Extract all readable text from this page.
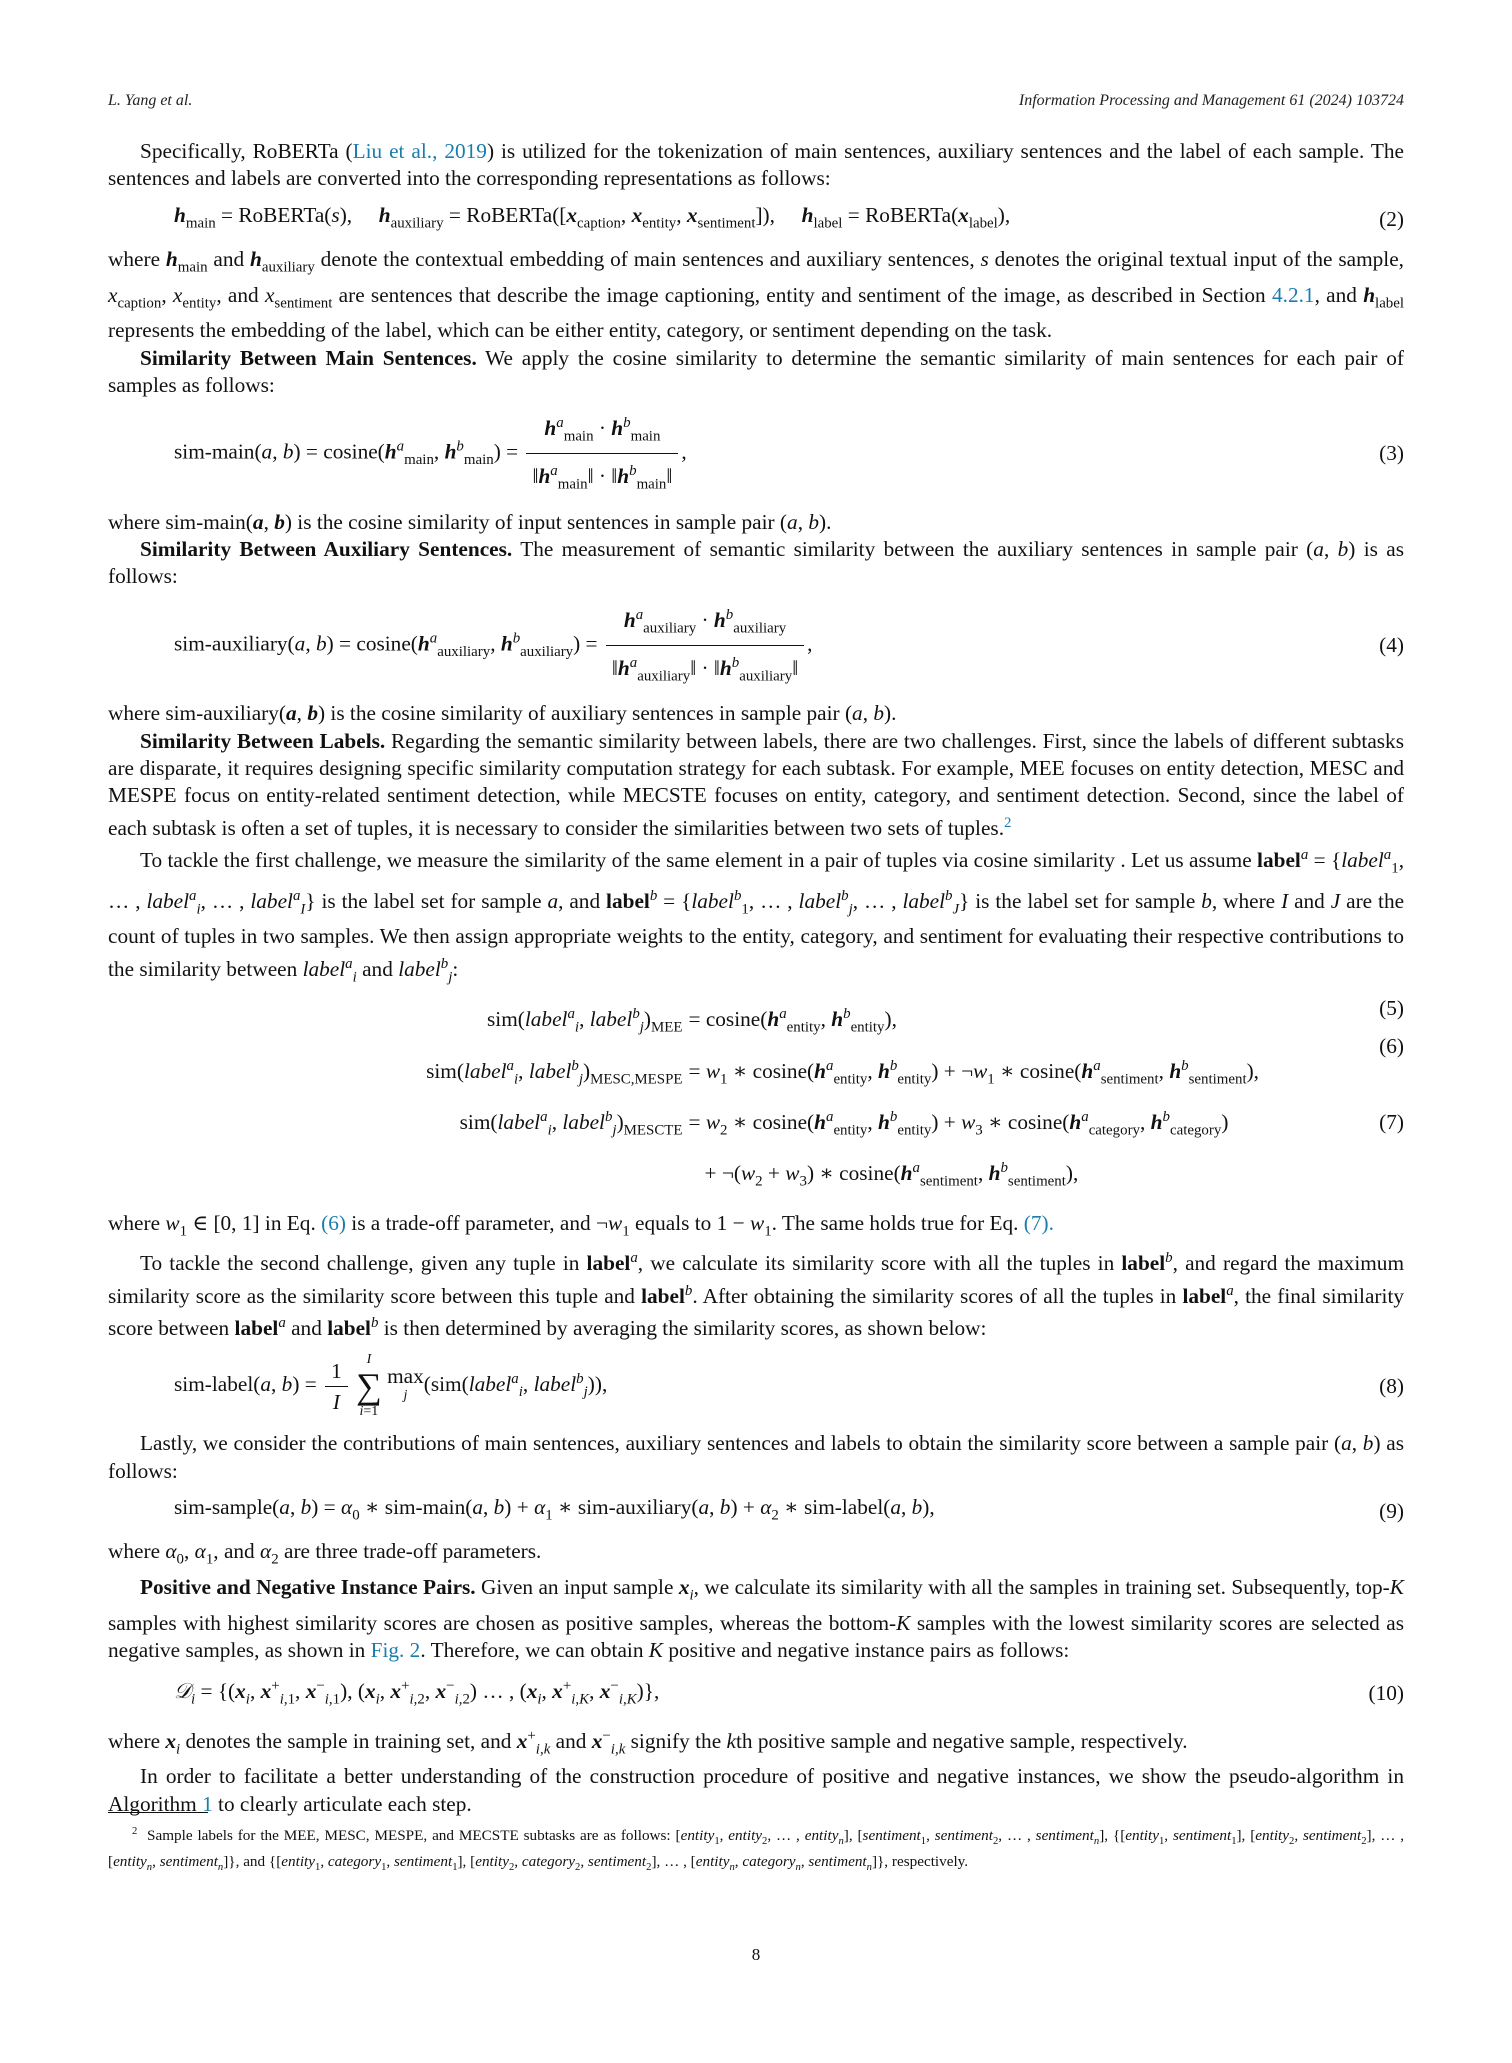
L. Yang et al.	Information Processing and Management 61 (2024) 103724

Specifically, RoBERTa (Liu et al., 2019) is utilized for the tokenization of main sentences, auxiliary sentences and the label of each sample. The sentences and labels are converted into the corresponding representations as follows:

$h_{main}$ = RoBERTa(s),     $h_{auxiliary}$ = $RoBERTa([x_{caption}$, $x_{entity}$, $x_{sentiment}$]),     $h_{label}$ = $RoBERTa(x_{label})$,	(2)

where $h_{main}$ and $h_{auxiliary}$ denote the contextual embedding of main sentences and auxiliary sentences, s denotes the original textual input of the sample, $x_{caption}$, $x_{entity}$, and $x_{sentiment}$ are sentences that describe the image captioning, entity and sentiment of the image, as described in Section 4.2.1, and $h_{label}$ represents the embedding of the label, which can be either entity, category, or sentiment depending on the task.

Similarity Between Main Sentences. We apply the cosine similarity to determine the semantic similarity of main sentences for each pair of samples as follows:

sim-main(a, $b) = cosine(h^a_{main}$, $h^b_{main}) = \frac{h^a_{main} \cdot h^b_{main}}{‖h^a_{main}‖ \cdot ‖h^b_{main}‖}$ ,	(3)

where sim-main(a, b) is the cosine similarity of input sentences in sample pair (a, b).

Similarity Between Auxiliary Sentences. The measurement of semantic similarity between the auxiliary sentences in sample pair (a, b) is as follows:

sim-auxiliary(a, $b) = cosine(h^a_{auxiliary}$, $h^b_{auxiliary}) = \frac{h^a_{auxiliary} \cdot h^b_{auxiliary}}{‖h^a_{auxiliary}‖ \cdot ‖h^b_{auxiliary}‖}$ ,	(4)

where sim-auxiliary(a, b) is the cosine similarity of auxiliary sentences in sample pair (a, b).

Similarity Between Labels. Regarding the semantic similarity between labels, there are two challenges. First, since the labels of different subtasks are disparate, it requires designing specific similarity computation strategy for each subtask. For example, MEE focuses on entity detection, MESC and MESPE focus on entity-related sentiment detection, while MECSTE focuses on entity, category, and sentiment detection. Second, since the label of each subtask is often a set of tuples, it is necessary to consider the similarities between two sets of tuples.$^2$

To tackle the first challenge, we measure the similarity of the same element in a pair of tuples via cosine similarity . Let us assume label$^a$ = {label$^a_1$, … , label$^a_i$, … , label$^a_I$} is the label set for sample a, and label$^b$ = {label$^b_1$, … , label$^b_j$, … , label$^b_J$} is the label set for sample b, where I and J are the count of tuples in two samples. We then assign appropriate weights to the entity, category, and sentiment for evaluating their respective contributions to the similarity between label$^a_i$ and label$^b_j$:

sim(label$^a_i$, $label^b_j)_{MEE} = cosine(h^a_{entity}$, $h^b_{entity}$),
sim(label$^a_i$, $label^b_j)_{MESC,MESPE} = w_1$ ∗ $cosine(h^a_{entity}$, $h^b_{entity}$) + $\neg w_1$ ∗ $cosine(h^a_{sentiment}$, $h^b_{sentiment}$),
sim(label$^a_i$, $label^b_j)_{MESCTE} = w_2$ ∗ $cosine(h^a_{entity}$, $h^b_{entity}) + w_3$ ∗ $cosine(h^a_{category}$, $h^b_{category}$)
+ $\neg(w_2 + w_3)$ ∗ $cosine(h^a_{sentiment}$, $h^b_{sentiment}$),
(5)
(6)
(7)

where $w_1$ ∈ [0, 1] in Eq. (6) is a trade-off parameter, and $\neg w_1$ equals to $1 - w_1$. The same holds true for Eq. (7).

To tackle the second challenge, given any tuple in label$^a$, we calculate its similarity score with all the tuples in label$^b$, and regard the maximum similarity score as the similarity score between this tuple and label$^b$. After obtaining the similarity scores of all the tuples in label$^a$, the final similarity score between label$^a$ and label$^b$ is then determined by averaging the similarity scores, as shown below:

sim-label(a, $b) = \frac{1}{I}$
I
∑
i=1

max
j (sim(label$^a_i$, label$^b_j$)),	(8)

Lastly, we consider the contributions of main sentences, auxiliary sentences and labels to obtain the similarity score between a sample pair (a, b) as follows:

sim-sample(a, $b) = \alpha_0$ ∗ sim-main(a, $b) + \alpha_1$ ∗ sim-auxiliary(a, $b) + \alpha_2$ ∗ sim-label(a, b),	(9)

where $\alpha_0$, $\alpha_1$, and $\alpha_2$ are three trade-off parameters.

Positive and Negative Instance Pairs. Given an input sample $x_i$, we calculate its similarity with all the samples in training set. Subsequently, top-K samples with highest similarity scores are chosen as positive samples, whereas the bottom-K samples with the lowest similarity scores are selected as negative samples, as shown in Fig. 2. Therefore, we can obtain K positive and negative instance pairs as follows:

𝒟$_i$ = {($x_i$, $x^+_{i,1}$, $x^-_{i,1}$), ($x_i$, $x^+_{i,2}$, $x^-_{i,2}$) … , ($x_i$, $x^+_{i,K}$, $x^-_{i,K}$)},	(10)

where $x_i$ denotes the sample in training set, and $x^+_{i,k}$ and $x^-_{i,k}$ signify the kth positive sample and negative sample, respectively.

In order to facilitate a better understanding of the construction procedure of positive and negative instances, we show the pseudo-algorithm in Algorithm 1 to clearly articulate each step.

$^2$ Sample labels for the MEE, MESC, MESPE, and MECSTE subtasks are as follows: [entity$_1$, entity$_2$, … , entity$_n$], [sentiment$_1$, sentiment$_2$, … , sentiment$_n$], {[entity$_1$, sentiment$_1$], [entity$_2$, sentiment$_2$], … , [entity$_n$, sentiment$_n$]}, and {[entity$_1$, category$_1$, sentiment$_1$], [entity$_2$, category$_2$, sentiment$_2$], … , [entity$_n$, category$_n$, sentiment$_n$]}, respectively.
8
